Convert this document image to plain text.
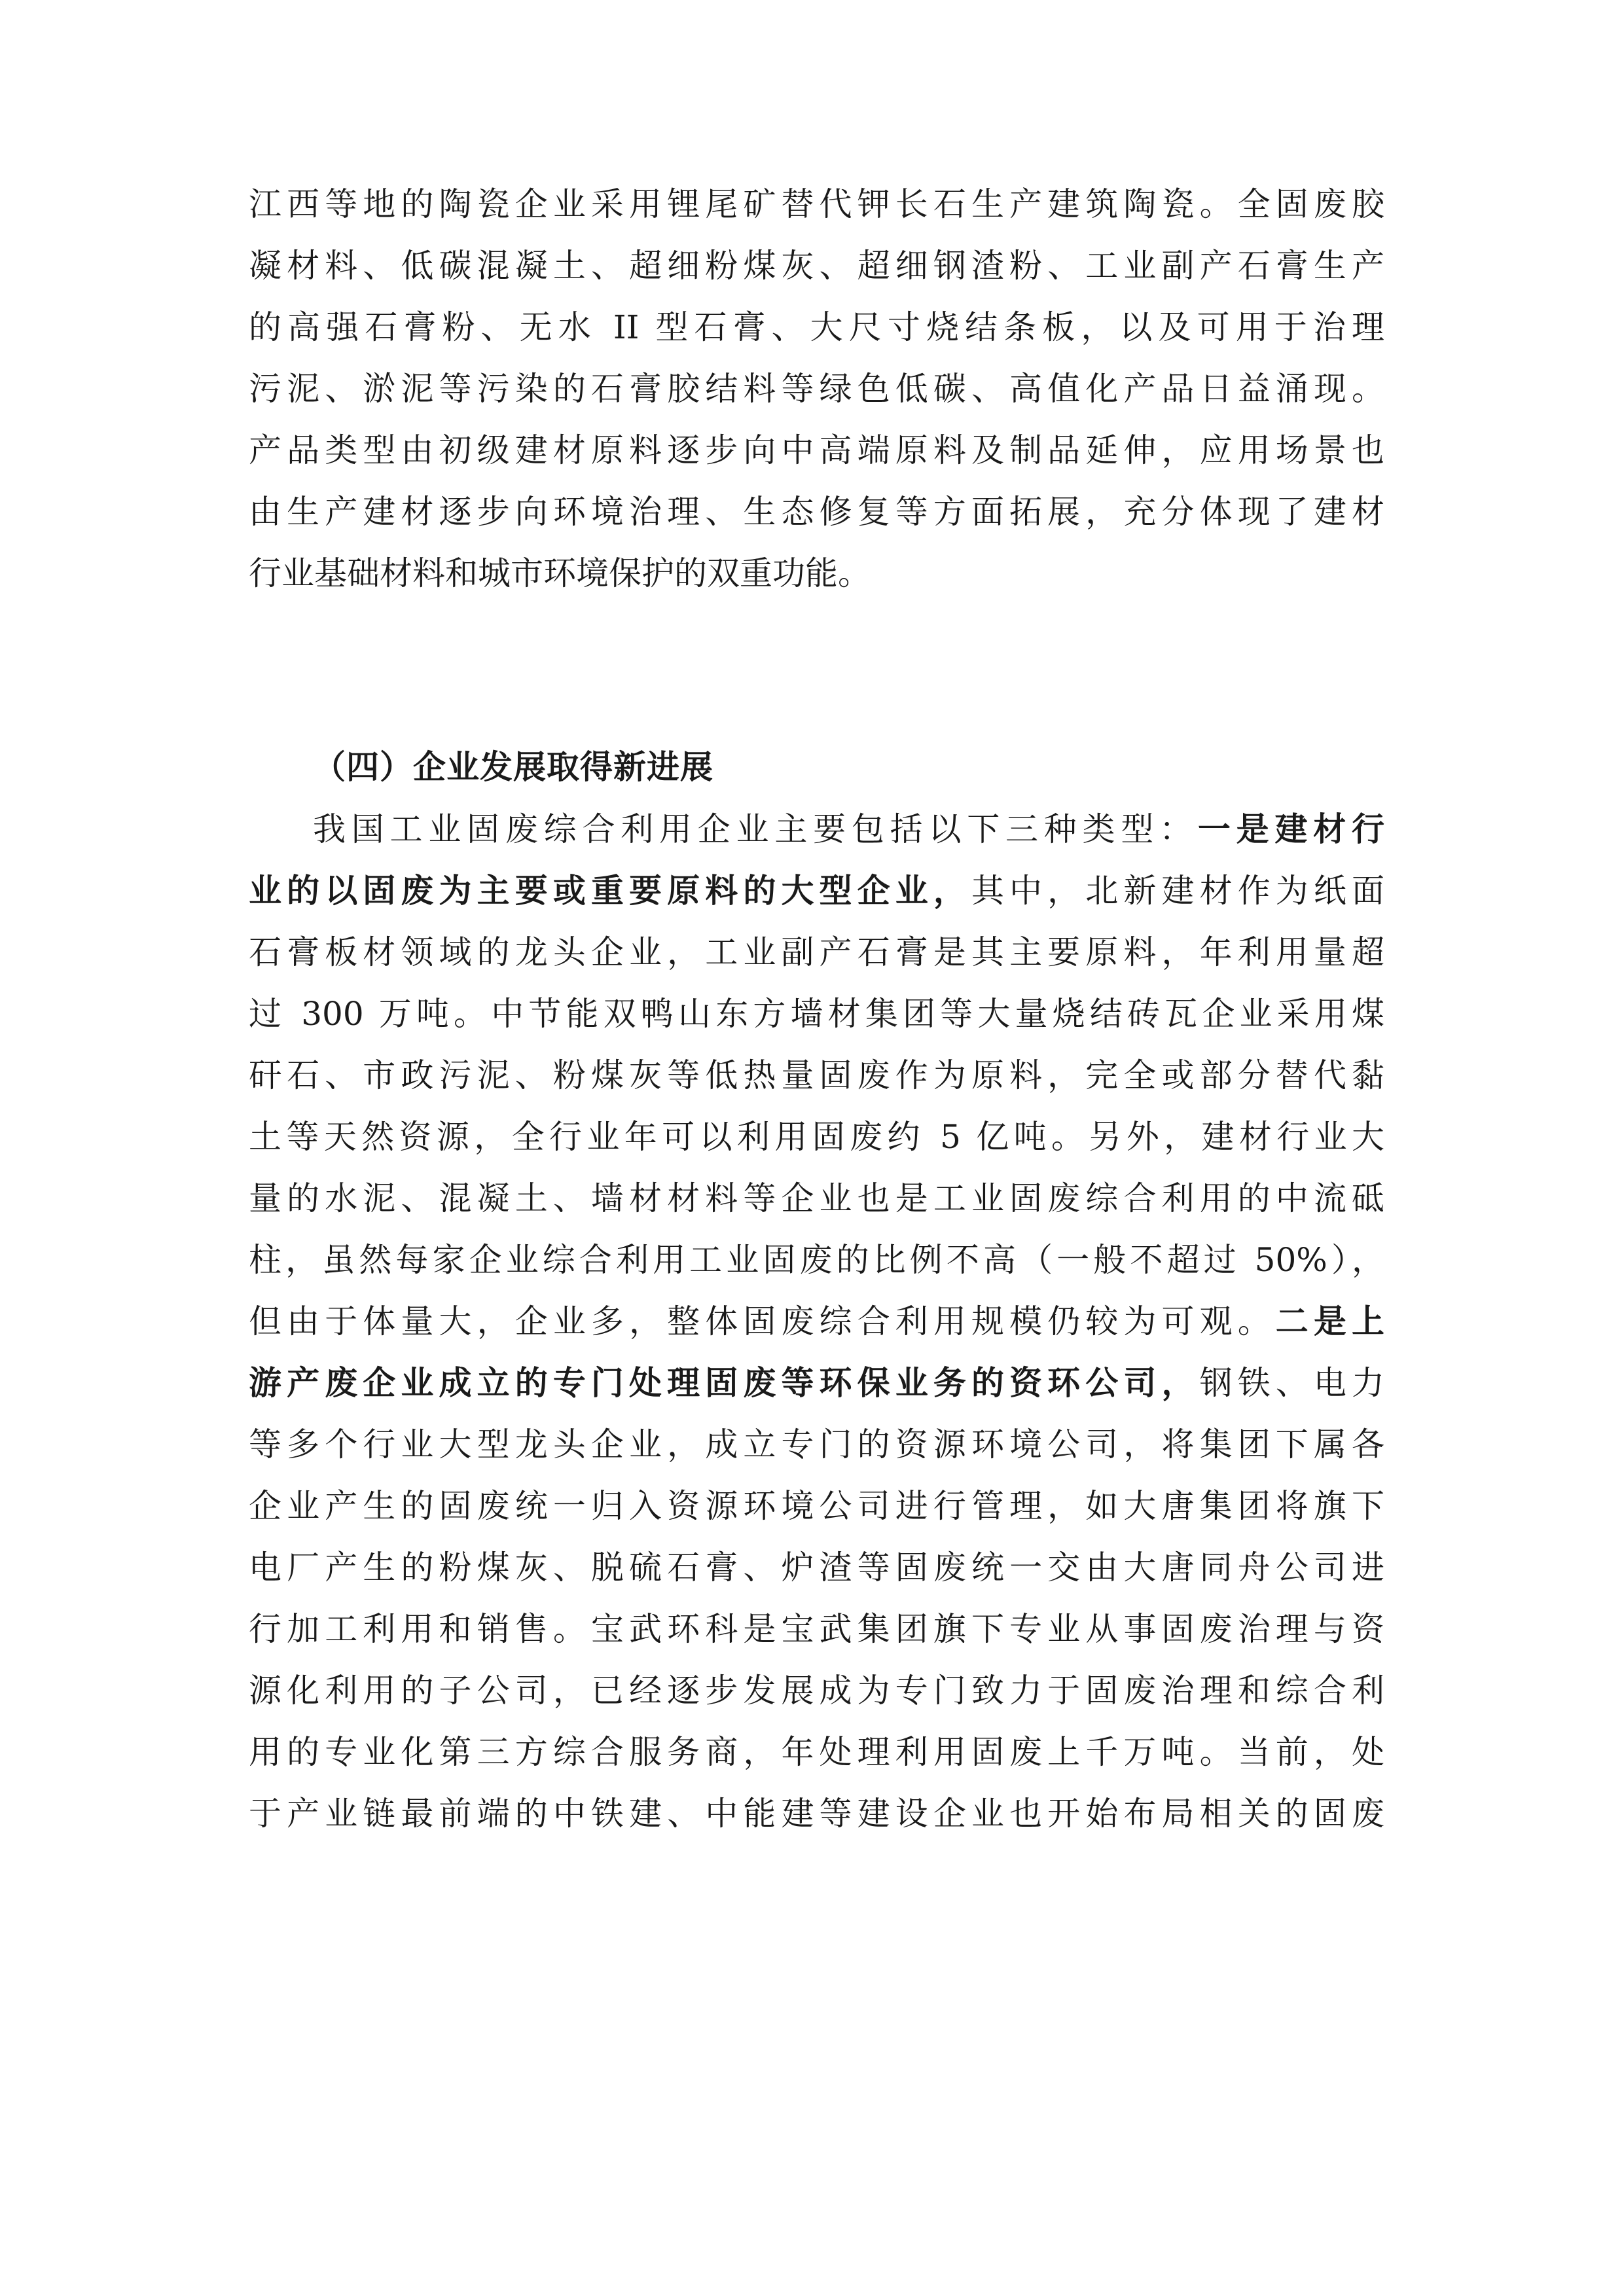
江西等地的陶瓷企业采用锂尾矿替代钾长石生产建筑陶瓷。全固废胶
凝材料、低碳混凝土、超细粉煤灰、超细钢渣粉、工业副产石膏生产
的高强石膏粉、无水 II 型石膏、大尺寸烧结条板，以及可用于治理
污泥、淤泥等污染的石膏胶结料等绿色低碳、高值化产品日益涌现。
产品类型由初级建材原料逐步向中高端原料及制品延伸，应用场景也
由生产建材逐步向环境治理、生态修复等方面拓展，充分体现了建材
行业基础材料和城市环境保护的双重功能。
（四）企业发展取得新进展
我国工业固废综合利用企业主要包括以下三种类型：一是建材行
业的以固废为主要或重要原料的大型企业，其中，北新建材作为纸面
石膏板材领域的龙头企业，工业副产石膏是其主要原料，年利用量超
过 300 万吨。中节能双鸭山东方墙材集团等大量烧结砖瓦企业采用煤
矸石、市政污泥、粉煤灰等低热量固废作为原料，完全或部分替代黏
土等天然资源，全行业年可以利用固废约 5 亿吨。另外，建材行业大
量的水泥、混凝土、墙材材料等企业也是工业固废综合利用的中流砥
柱，虽然每家企业综合利用工业固废的比例不高（一般不超过 50%），
但由于体量大，企业多，整体固废综合利用规模仍较为可观。二是上
游产废企业成立的专门处理固废等环保业务的资环公司，钢铁、电力
等多个行业大型龙头企业，成立专门的资源环境公司，将集团下属各
企业产生的固废统一归入资源环境公司进行管理，如大唐集团将旗下
电厂产生的粉煤灰、脱硫石膏、炉渣等固废统一交由大唐同舟公司进
行加工利用和销售。宝武环科是宝武集团旗下专业从事固废治理与资
源化利用的子公司，已经逐步发展成为专门致力于固废治理和综合利
用的专业化第三方综合服务商，年处理利用固废上千万吨。当前，处
于产业链最前端的中铁建、中能建等建设企业也开始布局相关的固废
